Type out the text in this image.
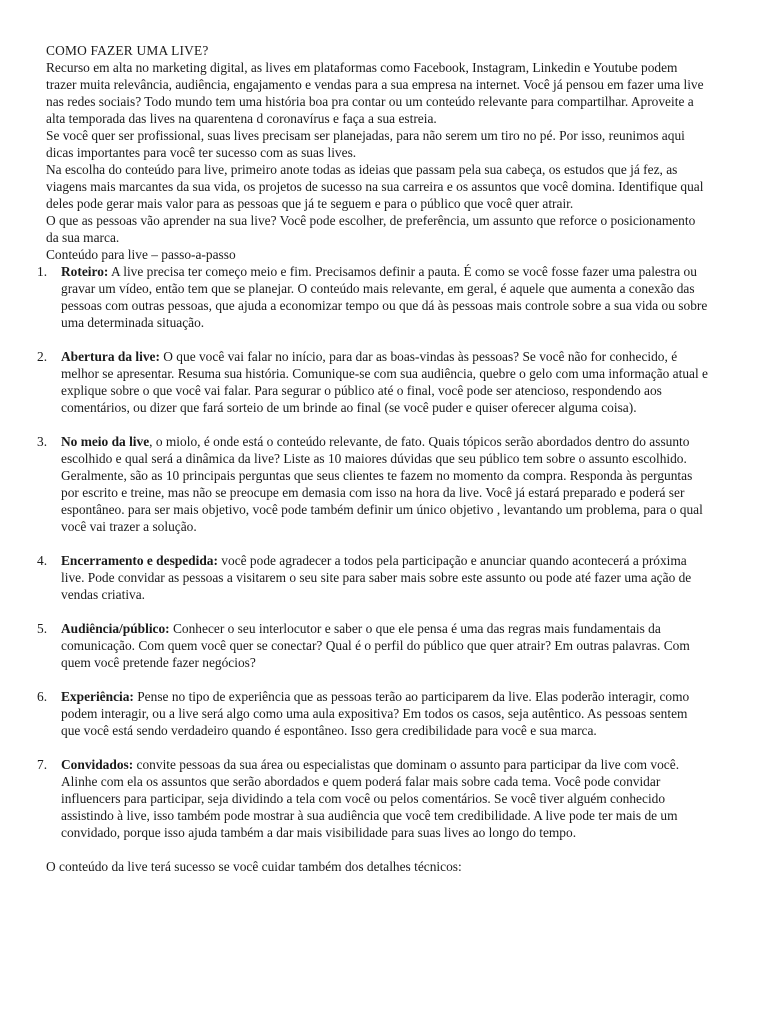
COMO FAZER UMA LIVE?

Recurso em alta no marketing digital, as lives em plataformas como Facebook, Instagram, Linkedin e Youtube podem trazer muita relevância, audiência, engajamento e vendas para a sua empresa na internet. Você já pensou em fazer uma live nas redes sociais? Todo mundo tem uma história boa pra contar ou um conteúdo relevante para compartilhar. Aproveite a alta temporada das lives na quarentena d coronavírus e faça a sua estreia.

Se você quer ser profissional, suas lives precisam ser planejadas, para não serem um tiro no pé. Por isso, reunimos aqui dicas importantes para você ter sucesso com as suas lives.

Na escolha do conteúdo para live, primeiro anote todas as ideias que passam pela sua cabeça, os estudos que já fez, as viagens mais marcantes da sua vida, os projetos de sucesso na sua carreira e os assuntos que você domina. Identifique qual deles pode gerar mais valor para as pessoas que já te seguem e para o público que você quer atrair.

O que as pessoas vão aprender na sua live? Você pode escolher, de preferência, um assunto que reforce o posicionamento da sua marca.

Conteúdo para live – passo-a-passo

1. Roteiro: A live precisa ter começo meio e fim. Precisamos definir a pauta. É como se você fosse fazer uma palestra ou gravar um vídeo, então tem que se planejar. O conteúdo mais relevante, em geral, é aquele que aumenta a conexão das pessoas com outras pessoas, que ajuda a economizar tempo ou que dá às pessoas mais controle sobre a sua vida ou sobre uma determinada situação.
2. Abertura da live: O que você vai falar no início, para dar as boas-vindas às pessoas? Se você não for conhecido, é melhor se apresentar. Resuma sua história. Comunique-se com sua audiência, quebre o gelo com uma informação atual e explique sobre o que você vai falar. Para segurar o público até o final, você pode ser atencioso, respondendo aos comentários, ou dizer que fará sorteio de um brinde ao final (se você puder e quiser oferecer alguma coisa).
3. No meio da live, o miolo, é onde está o conteúdo relevante, de fato. Quais tópicos serão abordados dentro do assunto escolhido e qual será a dinâmica da live? Liste as 10 maiores dúvidas que seu público tem sobre o assunto escolhido. Geralmente, são as 10 principais perguntas que seus clientes te fazem no momento da compra. Responda às perguntas por escrito e treine, mas não se preocupe em demasia com isso na hora da live. Você já estará preparado e poderá ser espontâneo. para ser mais objetivo, você pode também definir um único objetivo , levantando um problema, para o qual você vai trazer a solução.
4. Encerramento e despedida: você pode agradecer a todos pela participação e anunciar quando acontecerá a próxima live. Pode convidar as pessoas a visitarem o seu site para saber mais sobre este assunto ou pode até fazer uma ação de vendas criativa.
5. Audiência/público: Conhecer o seu interlocutor e saber o que ele pensa é uma das regras mais fundamentais da comunicação. Com quem você quer se conectar? Qual é o perfil do público que quer atrair? Em outras palavras. Com quem você pretende fazer negócios?
6. Experiência: Pense no tipo de experiência que as pessoas terão ao participarem da live. Elas poderão interagir, como podem interagir, ou a live será algo como uma aula expositiva? Em todos os casos, seja autêntico. As pessoas sentem que você está sendo verdadeiro quando é espontâneo. Isso gera credibilidade para você e sua marca.
7. Convidados: convite pessoas da sua área ou especialistas que dominam o assunto para participar da live com você. Alinhe com ela os assuntos que serão abordados e quem poderá falar mais sobre cada tema. Você pode convidar influencers para participar, seja dividindo a tela com você ou pelos comentários. Se você tiver alguém conhecido assistindo à live, isso também pode mostrar à sua audiência que você tem credibilidade. A live pode ter mais de um convidado, porque isso ajuda também a dar mais visibilidade para suas lives ao longo do tempo.

O conteúdo da live terá sucesso se você cuidar também dos detalhes técnicos:
